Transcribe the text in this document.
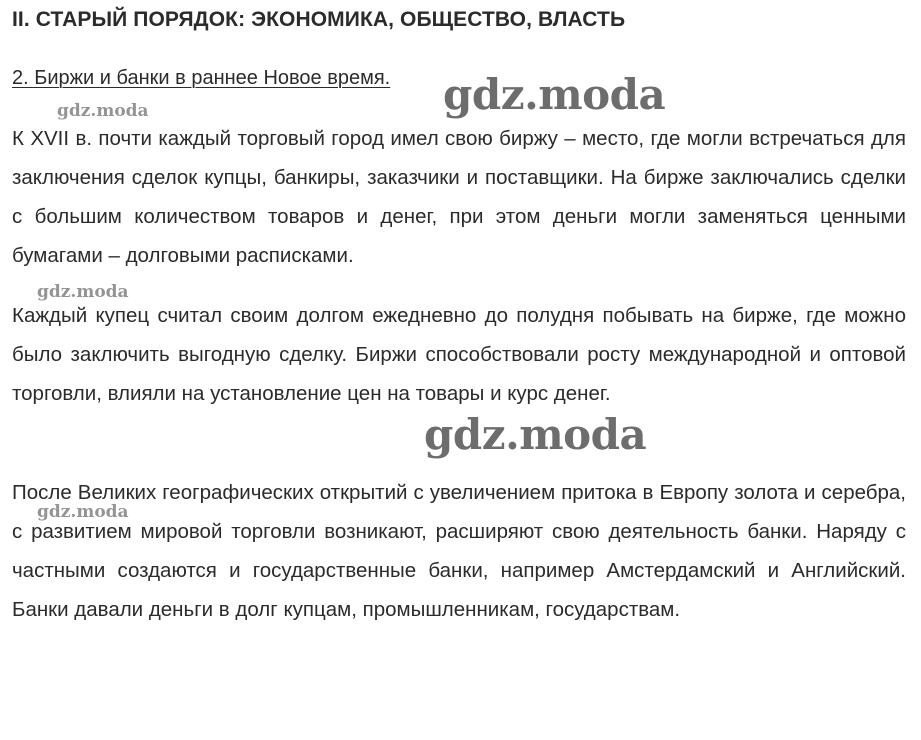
II. СТАРЫЙ ПОРЯДОК: ЭКОНОМИКА, ОБЩЕСТВО, ВЛАСТЬ
2. Биржи и банки в раннее Новое время.

К XVII в. почти каждый торговый город имел свою биржу – место, где могли встречаться для заключения сделок купцы, банкиры, заказчики и поставщики. На бирже заключались сделки с большим количеством товаров и денег, при этом деньги могли заменяться ценными бумагами – долговыми расписками.

Каждый купец считал своим долгом ежедневно до полудня побывать на бирже, где можно было заключить выгодную сделку. Биржи способствовали росту международной и оптовой торговли, влияли на установление цен на товары и курс денег.

После Великих географических открытий с увеличением притока в Европу золота и серебра, с развитием мировой торговли возникают, расширяют свою деятельность банки. Наряду с частными создаются и государственные банки, например Амстердамский и Английский. Банки давали деньги в долг купцам, промышленникам, государствам.

gdz.moda
gdz.moda
gdz.moda
gdz.moda
gdz.moda
